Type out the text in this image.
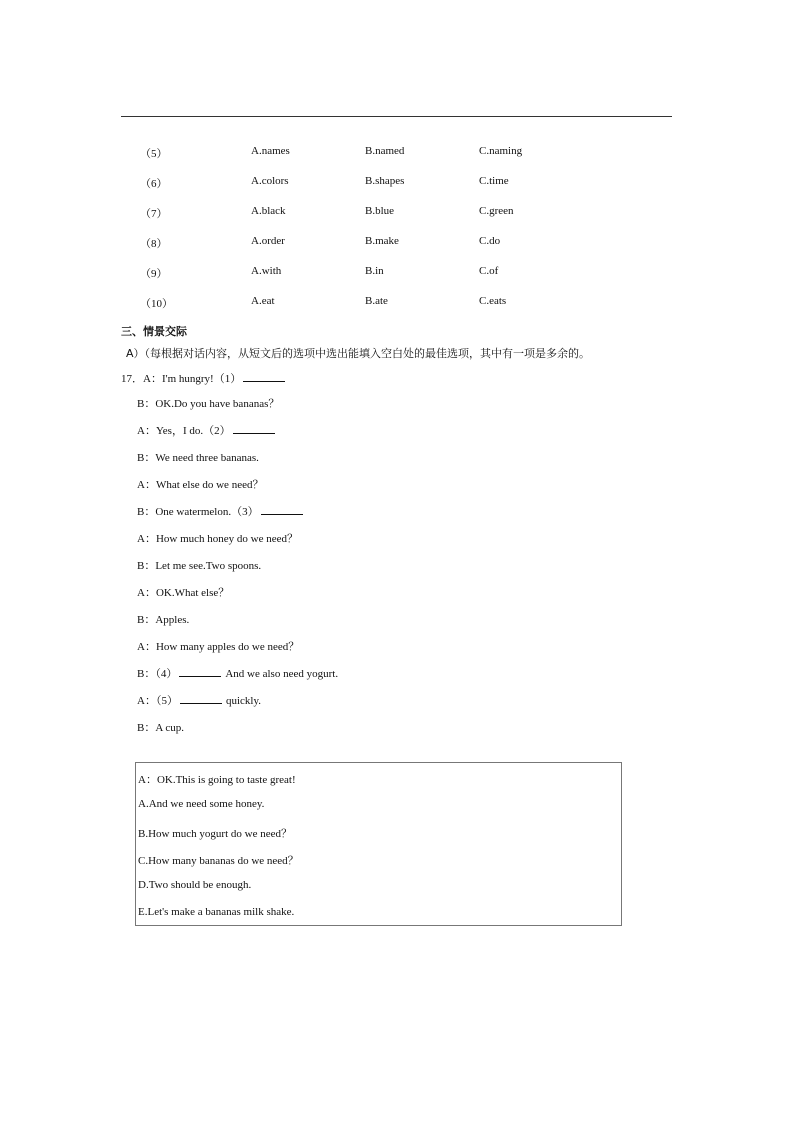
（5）	A.names	B.named	C.naming
（6）	A.colors	B.shapes	C.time
（7）	A.black	B.blue	C.green
（8）	A.order	B.make	C.do
（9）	A.with	B.in	C.of
（10）	A.eat	B.ate	C.eats
三、情景交际
A）（每根据对话内容，从短文后的选项中选出能填入空白处的最佳选项，其中有一项是多余的。
17．A：I'm hungry!（1）
B：OK.Do you have bananas？
A：Yes，I do.（2）
B：We need three bananas.
A：What else do we need？
B：One watermelon.（3）
A：How much honey do we need？
B：Let me see.Two spoons.
A：OK.What else？
B：Apples.
A：How many apples do we need？
B：（4）	And we also need yogurt.
A：（5）	quickly.
B：A cup.
A：OK.This is going to taste great!
A.And we need some honey.
B.How much yogurt do we need？
C.How many bananas do we need？
D.Two should be enough.
E.Let's make a bananas milk shake.
